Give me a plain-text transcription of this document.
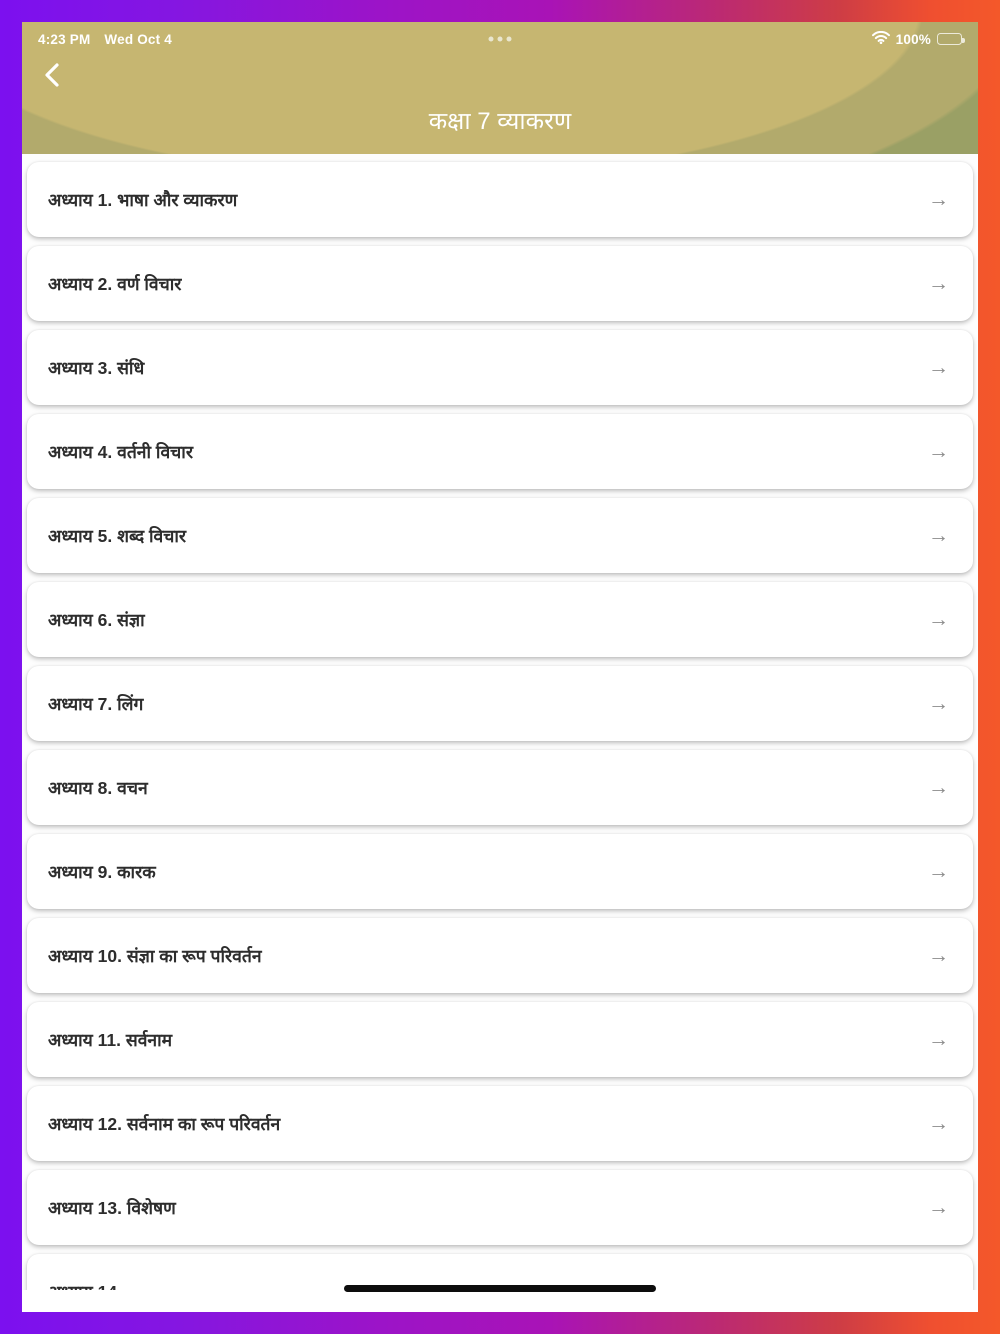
4:23 PM Wed Oct 4	100%
कक्षा 7 व्याकरण
अध्याय 1. भाषा और व्याकरण	→
अध्याय 2. वर्ण विचार	→
अध्याय 3. संधि	→
अध्याय 4. वर्तनी विचार	→
अध्याय 5. शब्द विचार	→
अध्याय 6. संज्ञा	→
अध्याय 7. लिंग	→
अध्याय 8. वचन	→
अध्याय 9. कारक	→
अध्याय 10. संज्ञा का रूप परिवर्तन	→
अध्याय 11. सर्वनाम	→
अध्याय 12. सर्वनाम का रूप परिवर्तन	→
अध्याय 13. विशेषण	→
